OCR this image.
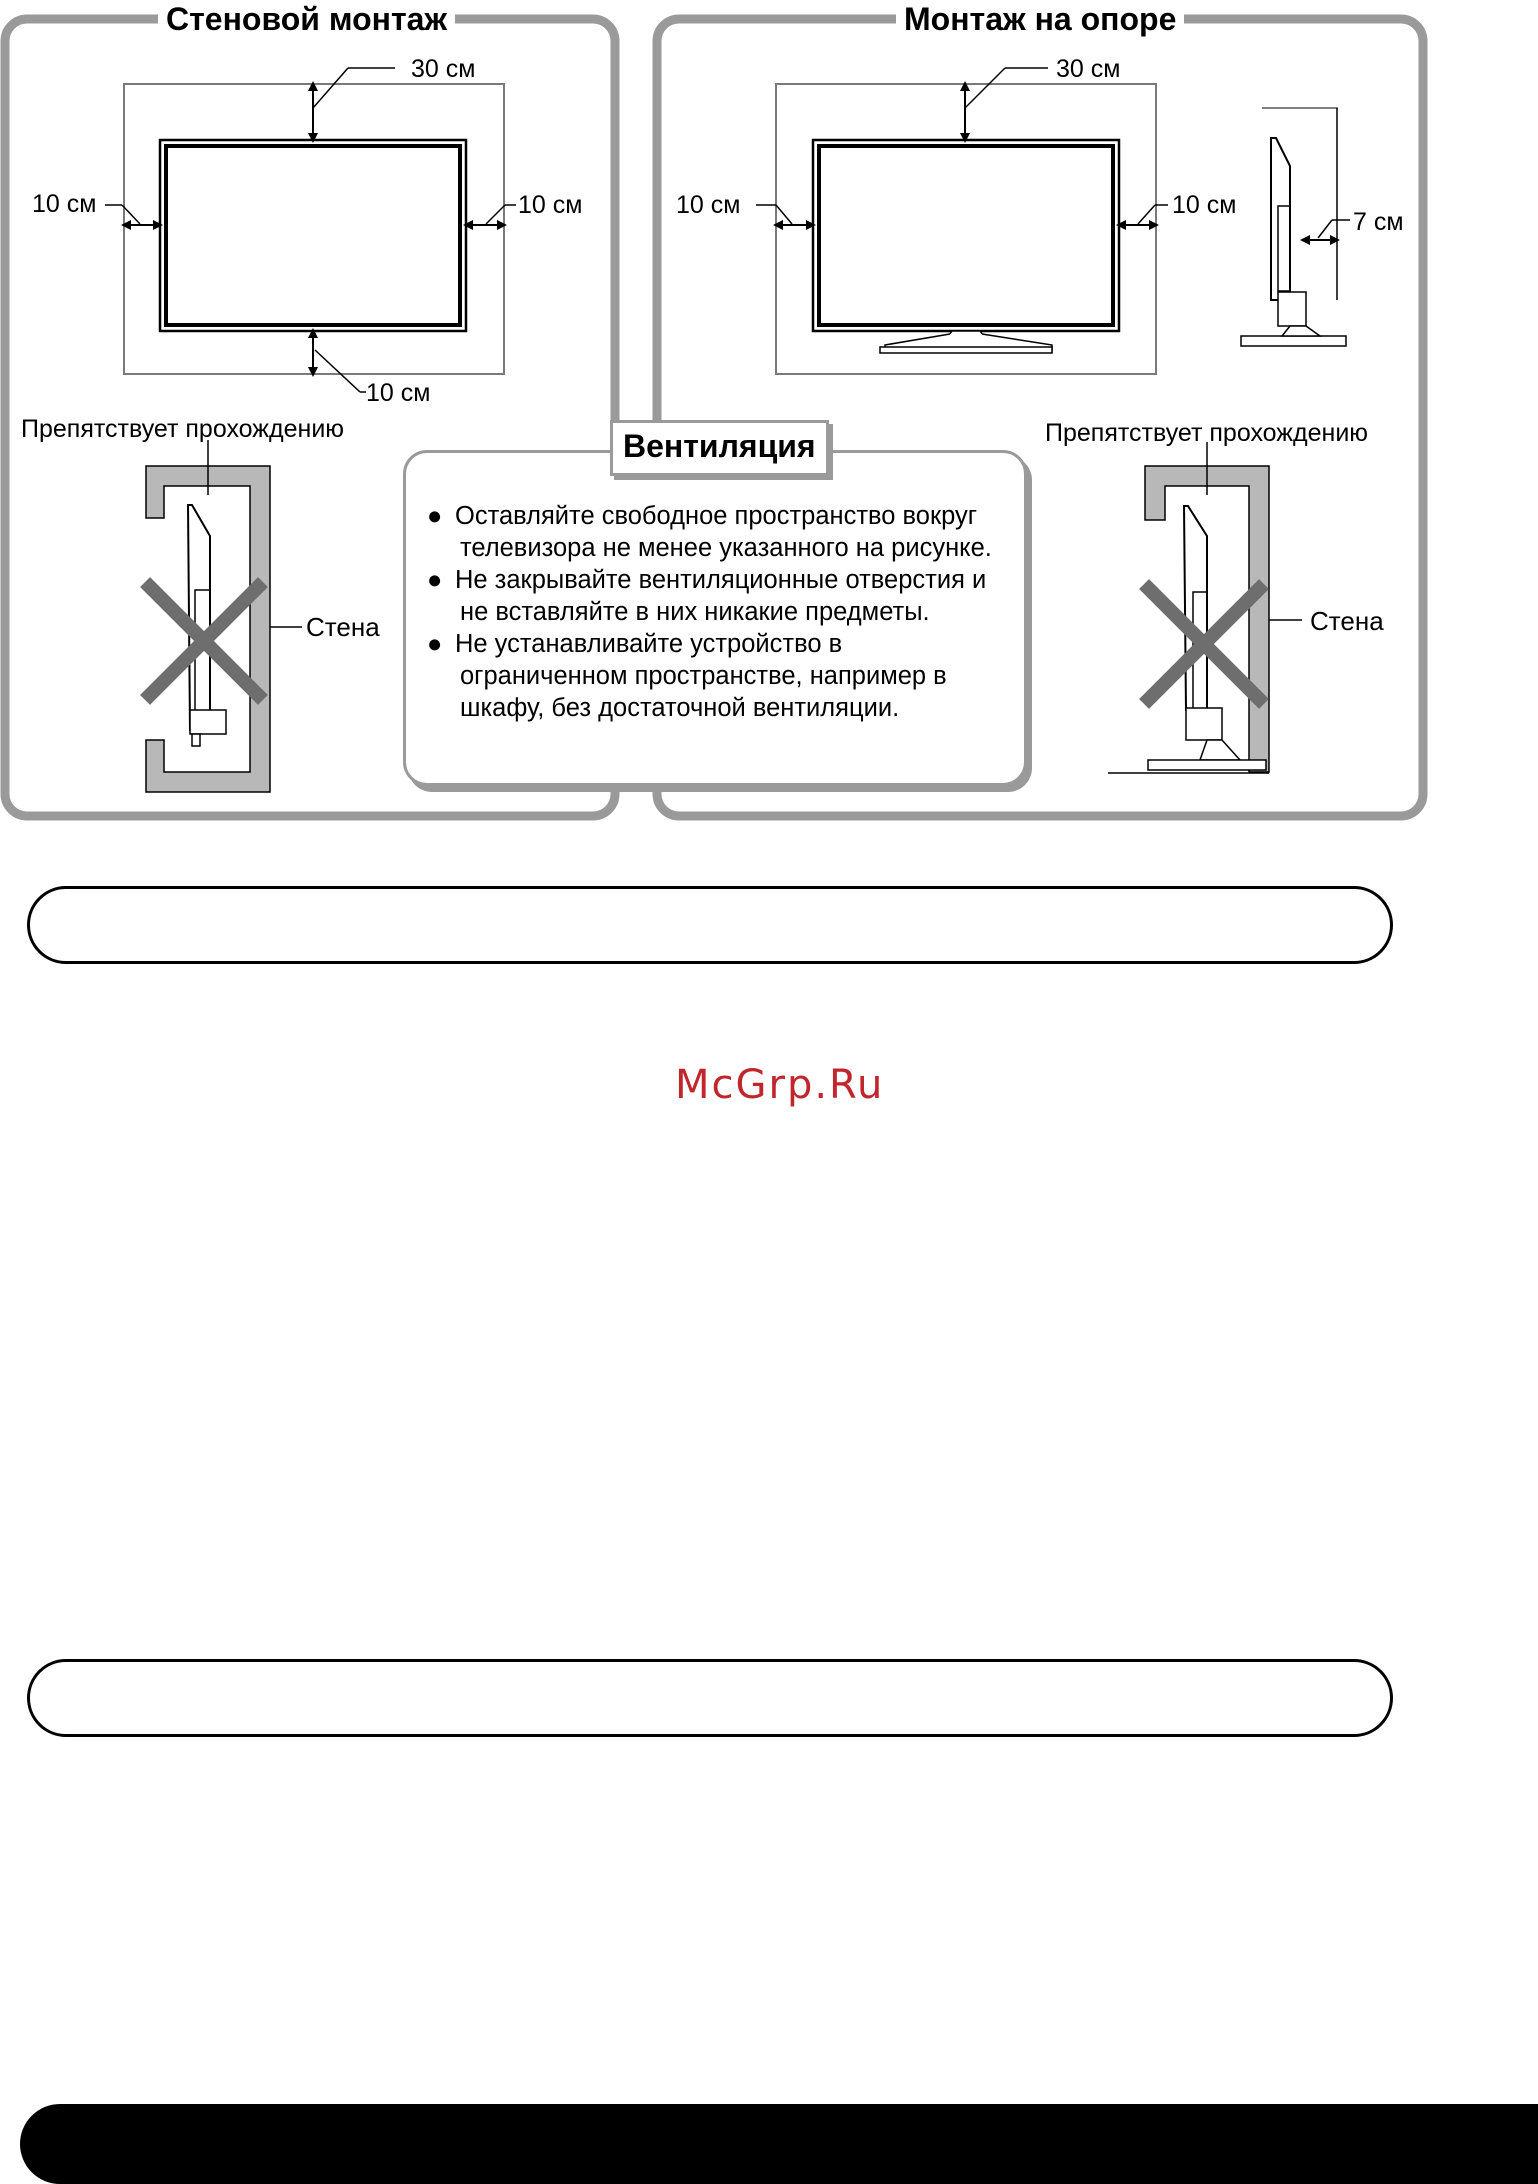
30 см
10 см	10 см
10 см
Препятствует прохождению
Стена
30 см
10 см	10 см
7 см
Препятствует прохождению
Стена
Стеновой монтаж	Монтаж на опоре
Вентиляция
● Оставляйте свободное пространство вокруг
телевизора не менее указанного на рисунке.
● Не закрывайте вентиляционные отверстия и
не вставляйте в них никакие предметы.
● Не устанавливайте устройство в
ограниченном пространстве, например в
шкафу, без достаточной вентиляции.
McGrp.Ru
